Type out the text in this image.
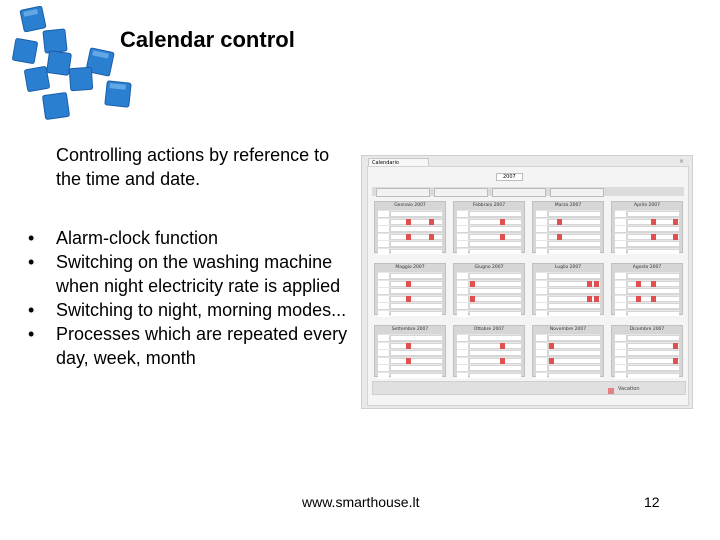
Calendar control
Controlling actions by reference to the time and date.
• Alarm-clock function
• Switching on the washing machine when night electricity rate is applied
• Switching to night, morning modes...
• Processes which are repeated every day, week, month
Calendario	×
2007
Gennaio 2007	Febbraio 2007	Marzo 2007	Aprile 2007
Maggio 2007	Giugno 2007	Luglio 2007	Agosto 2007
Settembre 2007	Ottobre 2007	Novembre 2007	Dicembre 2007
Vacation
www.smarthouse.lt	12
